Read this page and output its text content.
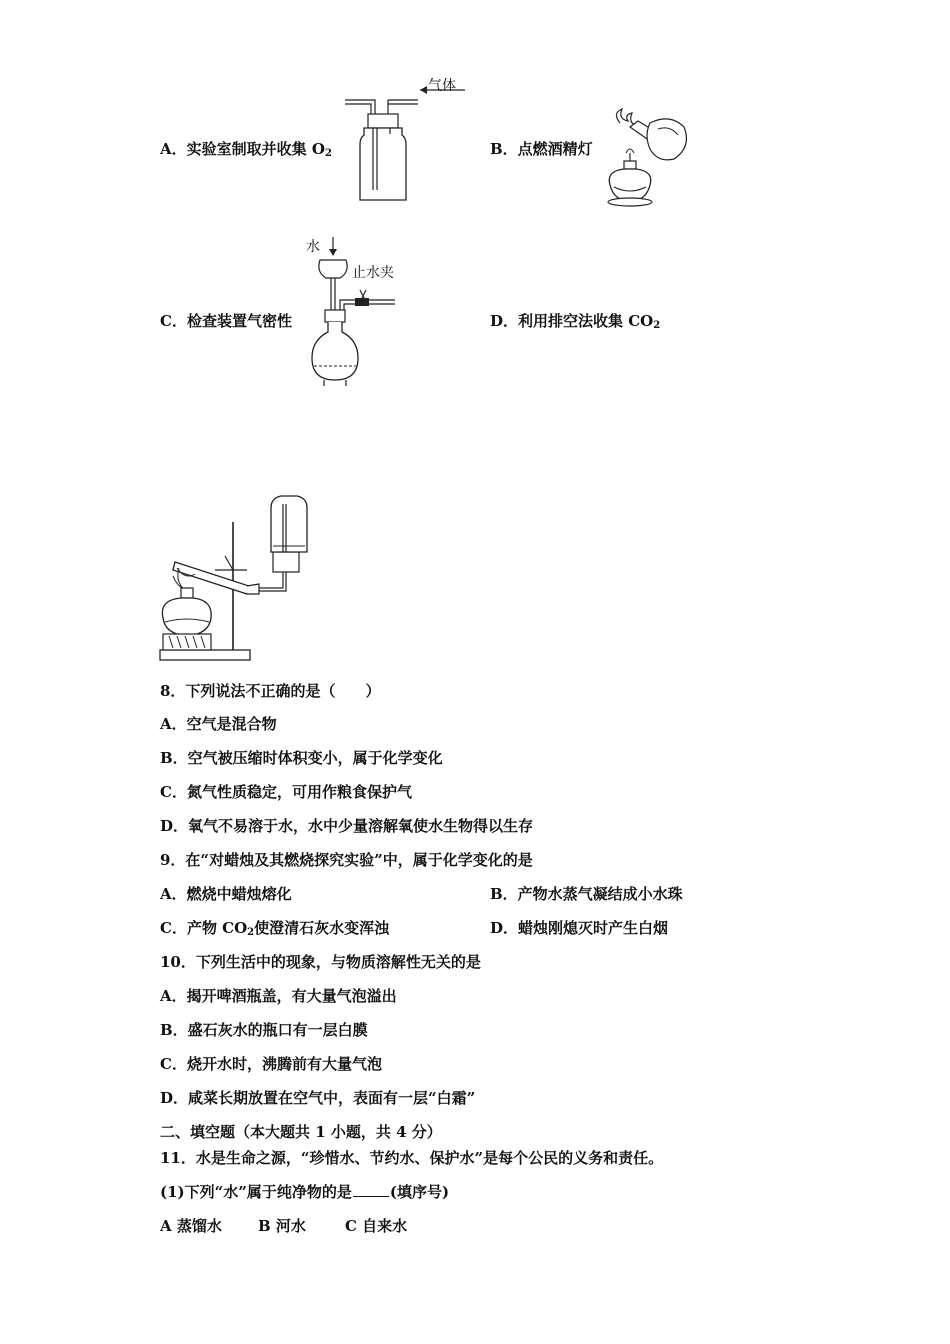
气体
A．实验室制取并收集 $O_2$	B．点燃酒精灯
水
止水夹
C．检查装置气密性	D．利用排空法收集 $CO_2$
8．下列说法不正确的是（　　）
A．空气是混合物
B．空气被压缩时体积变小，属于化学变化
C．氮气性质稳定，可用作粮食保护气
D．氧气不易溶于水，水中少量溶解氧使水生物得以生存
9．在“对蜡烛及其燃烧探究实验”中，属于化学变化的是
A．燃烧中蜡烛熔化	B．产物水蒸气凝结成小水珠
C．产物 $CO_2$使澄清石灰水变浑浊	D．蜡烛刚熄灭时产生白烟
10．下列生活中的现象，与物质溶解性无关的是
A．揭开啤酒瓶盖，有大量气泡溢出
B．盛石灰水的瓶口有一层白膜
C．烧开水时，沸腾前有大量气泡
D．咸菜长期放置在空气中，表面有一层“白霜”
二、填空题（本大题共 1 小题，共 4 分）
11．水是生命之源，“珍惜水、节约水、保护水”是每个公民的义务和责任。
(1)下列“水”属于纯净物的是	(填序号)
A 蒸馏水 B 河水	C 自来水
